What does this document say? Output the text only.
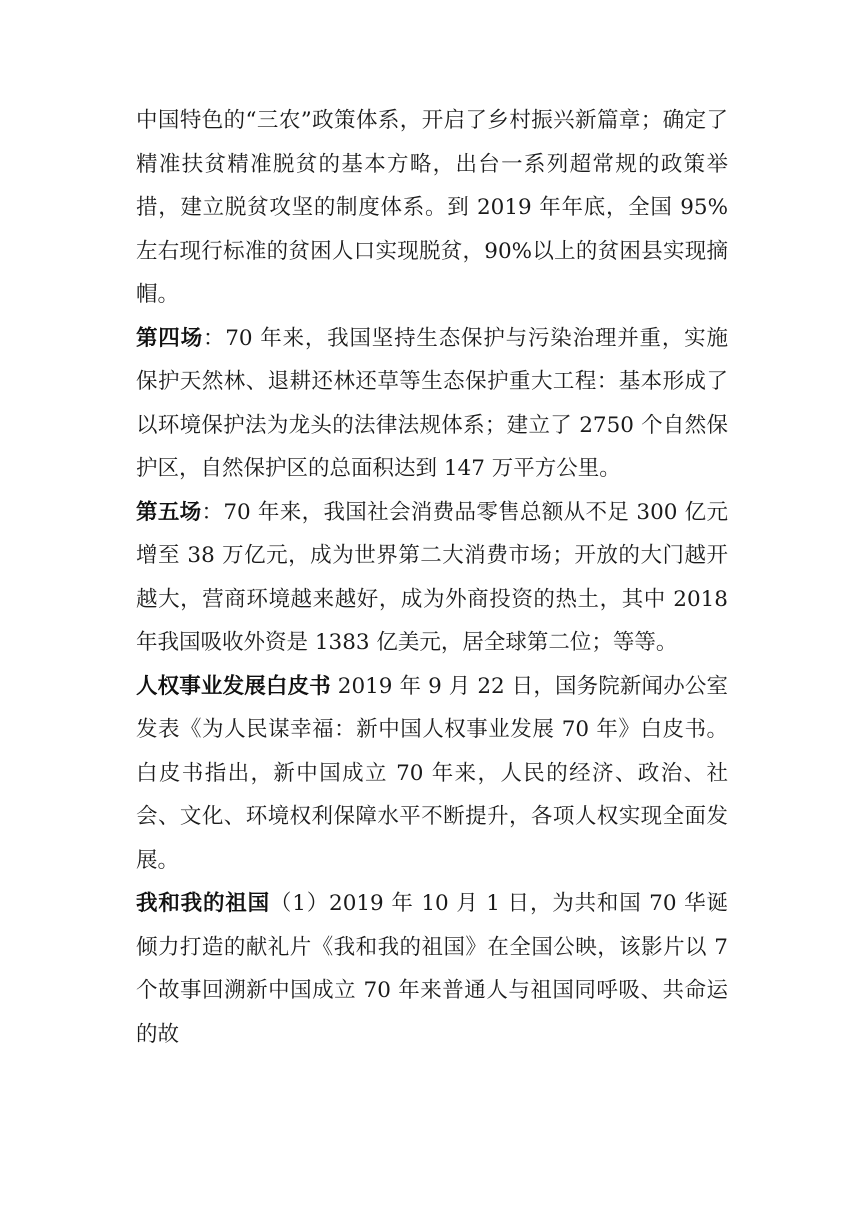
中国特色的“三农”政策体系，开启了乡村振兴新篇章；确定了精准扶贫精准脱贫的基本方略，出台一系列超常规的政策举措，建立脱贫攻坚的制度体系。到 2019 年年底，全国 95%左右现行标准的贫困人口实现脱贫，90%以上的贫困县实现摘帽。

第四场：70 年来，我国坚持生态保护与污染治理并重，实施保护天然林、退耕还林还草等生态保护重大工程：基本形成了以环境保护法为龙头的法律法规体系；建立了 2750 个自然保护区，自然保护区的总面积达到 147 万平方公里。

第五场：70 年来，我国社会消费品零售总额从不足 300 亿元增至 38 万亿元，成为世界第二大消费市场；开放的大门越开越大，营商环境越来越好，成为外商投资的热土，其中 2018 年我国吸收外资是 1383 亿美元，居全球第二位；等等。

人权事业发展白皮书 2019 年 9 月 22 日，国务院新闻办公室发表《为人民谋幸福：新中国人权事业发展 70 年》白皮书。白皮书指出，新中国成立 70 年来，人民的经济、政治、社会、文化、环境权利保障水平不断提升，各项人权实现全面发展。

我和我的祖国（1）2019 年 10 月 1 日，为共和国 70 华诞倾力打造的献礼片《我和我的祖国》在全国公映，该影片以 7 个故事回溯新中国成立 70 年来普通人与祖国同呼吸、共命运的故
